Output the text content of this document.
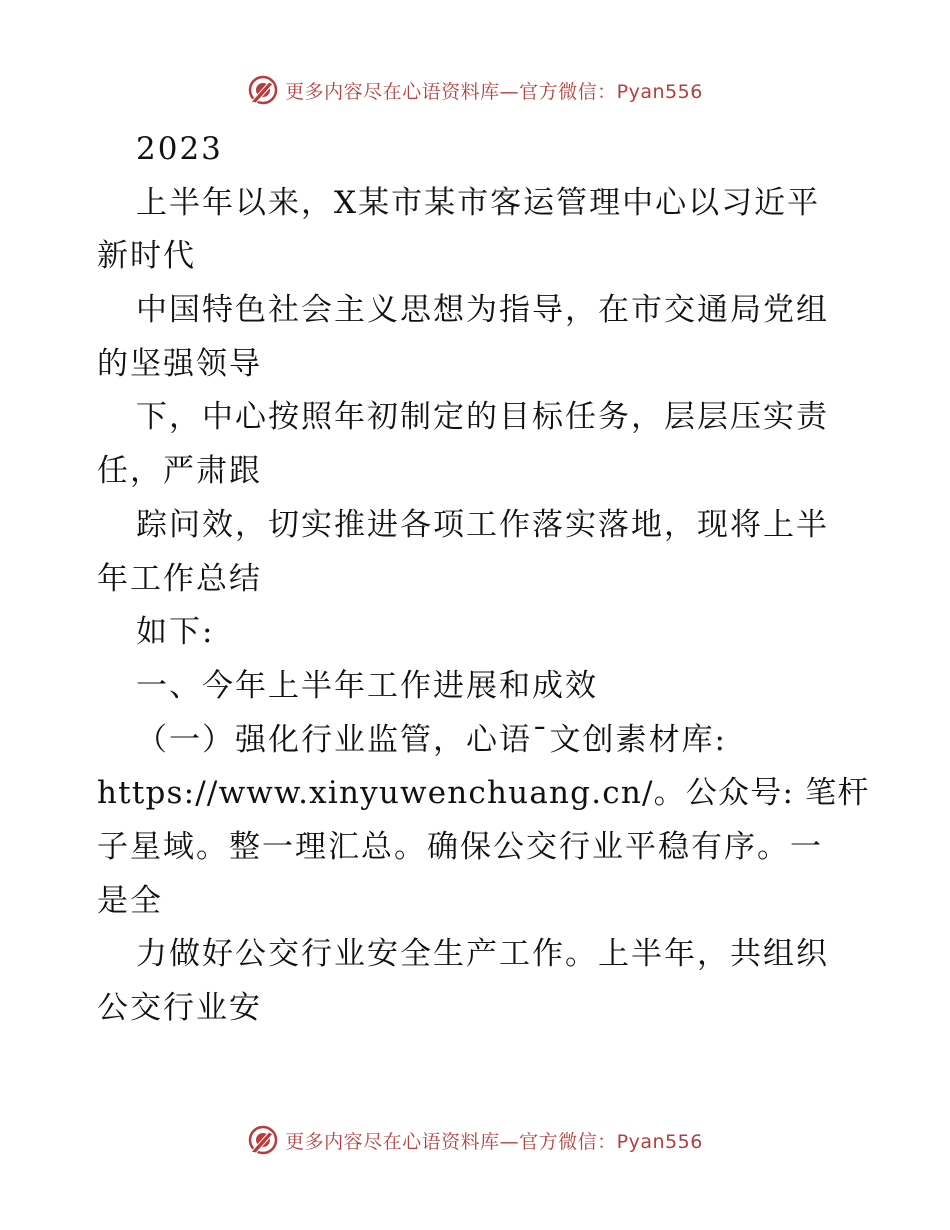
更多内容尽在心语资料库—官方微信：Pyan556
2023
上半年以来，X某市某市客运管理中心以习近平
新时代
中国特色社会主义思想为指导，在市交通局党组
的坚强领导
下，中心按照年初制定的目标任务，层层压实责
任，严肃跟
踪问效，切实推进各项工作落实落地，现将上半
年工作总结
如下:
一、今年上半年工作进展和成效
（一）强化行业监管，心语¯文创素材库:
https://www.xinyuwenchuang.cn/。公众号: 笔杆
子星域。整一理汇总。确保公交行业平稳有序。一
是全
力做好公交行业安全生产工作。上半年，共组织
公交行业安
更多内容尽在心语资料库—官方微信：Pyan556
